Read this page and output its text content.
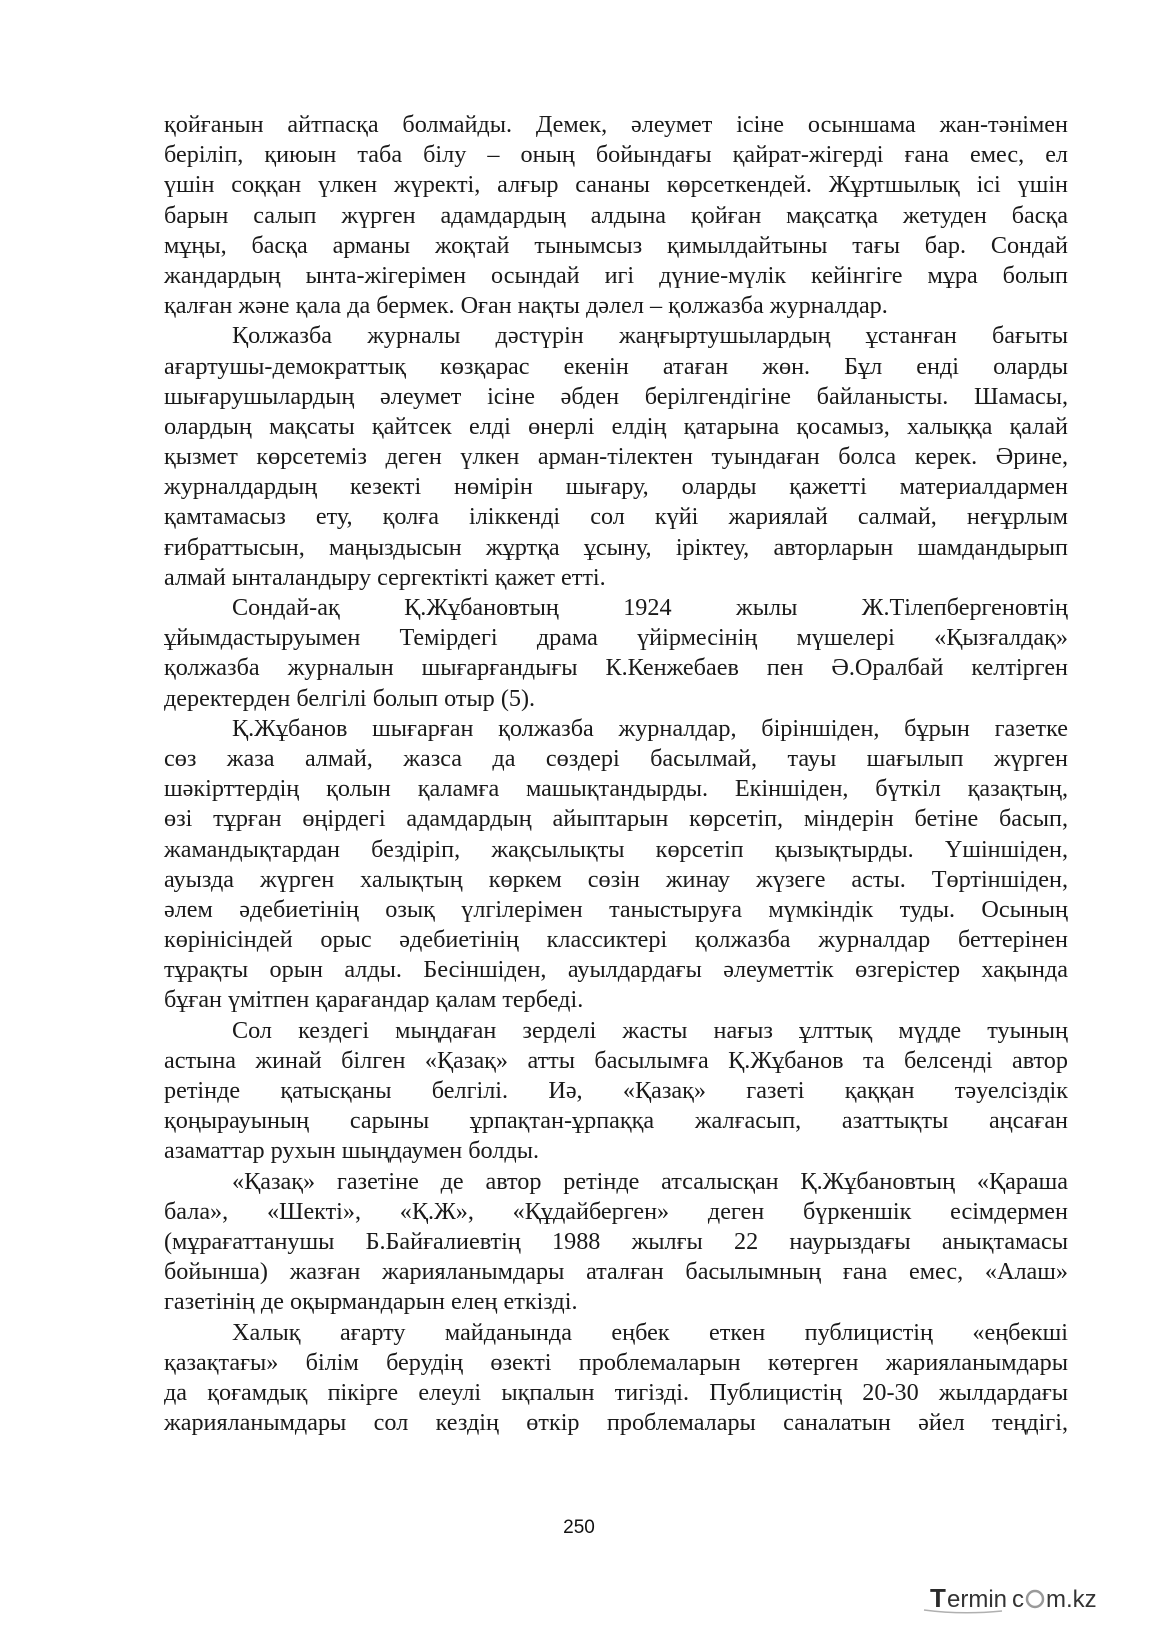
қойғанын айтпасқа болмайды. Демек, әлеумет ісіне осыншама жан-тәнімен
беріліп, қиюын таба білу – оның бойындағы қайрат-жігерді ғана емес, ел
үшін соққан үлкен жүректі, алғыр сананы көрсеткендей. Жұртшылық ісі үшін
барын салып жүрген адамдардың алдына қойған мақсатқа жетуден басқа
мұңы, басқа арманы жоқтай тынымсыз қимылдайтыны тағы бар. Сондай
жандардың ынта-жігерімен осындай игі дүние-мүлік кейінгіге мұра болып
қалған және қала да бермек. Оған нақты дәлел – қолжазба журналдар.
Қолжазба журналы дәстүрін жаңғыртушылардың ұстанған бағыты
ағартушы-демократтық көзқарас екенін атаған жөн. Бұл енді оларды
шығарушылардың әлеумет ісіне әбден берілгендігіне байланысты. Шамасы,
олардың мақсаты қайтсек елді өнерлі елдің қатарына қосамыз, халыққа қалай
қызмет көрсетеміз деген үлкен арман-тілектен туындаған болса керек. Әрине,
журналдардың кезекті нөмірін шығару, оларды қажетті материалдармен
қамтамасыз ету, қолға іліккенді сол күйі жариялай салмай, неғұрлым
ғибраттысын, маңыздысын жұртқа ұсыну, іріктеу, авторларын шамдандырып
алмай ынталандыру сергектікті қажет етті.
Сондай-ақ Қ.Жұбановтың 1924 жылы Ж.Тілепбергеновтің
ұйымдастыруымен Темірдегі драма үйірмесінің мүшелері «Қызғалдақ»
қолжазба журналын шығарғандығы К.Кенжебаев пен Ә.Оралбай келтірген
деректерден белгілі болып отыр (5).
Қ.Жұбанов шығарған қолжазба журналдар, біріншіден, бұрын газетке
сөз жаза алмай, жазса да сөздері басылмай, тауы шағылып жүрген
шәкірттердің қолын қаламға машықтандырды. Екіншіден, бүткіл қазақтың,
өзі тұрған өңірдегі адамдардың айыптарын көрсетіп, міндерін бетіне басып,
жамандықтардан бездіріп, жақсылықты көрсетіп қызықтырды. Үшіншіден,
ауызда жүрген халықтың көркем сөзін жинау жүзеге асты. Төртіншіден,
әлем әдебиетінің озық үлгілерімен таныстыруға мүмкіндік туды. Осының
көрінісіндей орыс әдебиетінің классиктері қолжазба журналдар беттерінен
тұрақты орын алды. Бесіншіден, ауылдардағы әлеуметтік өзгерістер хақында
бұған үмітпен қарағандар қалам тербеді.
Сол кездегі мыңдаған зерделі жасты нағыз ұлттық мүдде туының
астына жинай білген «Қазақ» атты басылымға Қ.Жұбанов та белсенді автор
ретінде қатысқаны белгілі. Иә, «Қазақ» газеті қаққан тәуелсіздік
қоңырауының сарыны ұрпақтан-ұрпаққа жалғасып, азаттықты аңсаған
азаматтар рухын шыңдаумен болды.
«Қазақ» газетіне де автор ретінде атсалысқан Қ.Жұбановтың «Қараша
бала», «Шекті», «Қ.Ж», «Құдайберген» деген бүркеншік есімдермен
(мұрағаттанушы Б.Байғалиевтің 1988 жылғы 22 наурыздағы анықтамасы
бойынша) жазған жарияланымдары аталған басылымның ғана емес, «Алаш»
газетінің де оқырмандарын елең еткізді.
Халық ағарту майданында еңбек еткен публицистің «еңбекші
қазақтағы» білім берудің өзекті проблемаларын көтерген жарияланымдары
да қоғамдық пікірге елеулі ықпалын тигізді. Публицистің 20-30 жылдардағы
жарияланымдары сол кездің өткір проблемалары саналатын әйел теңдігі,
250
T ermin c m.kz
